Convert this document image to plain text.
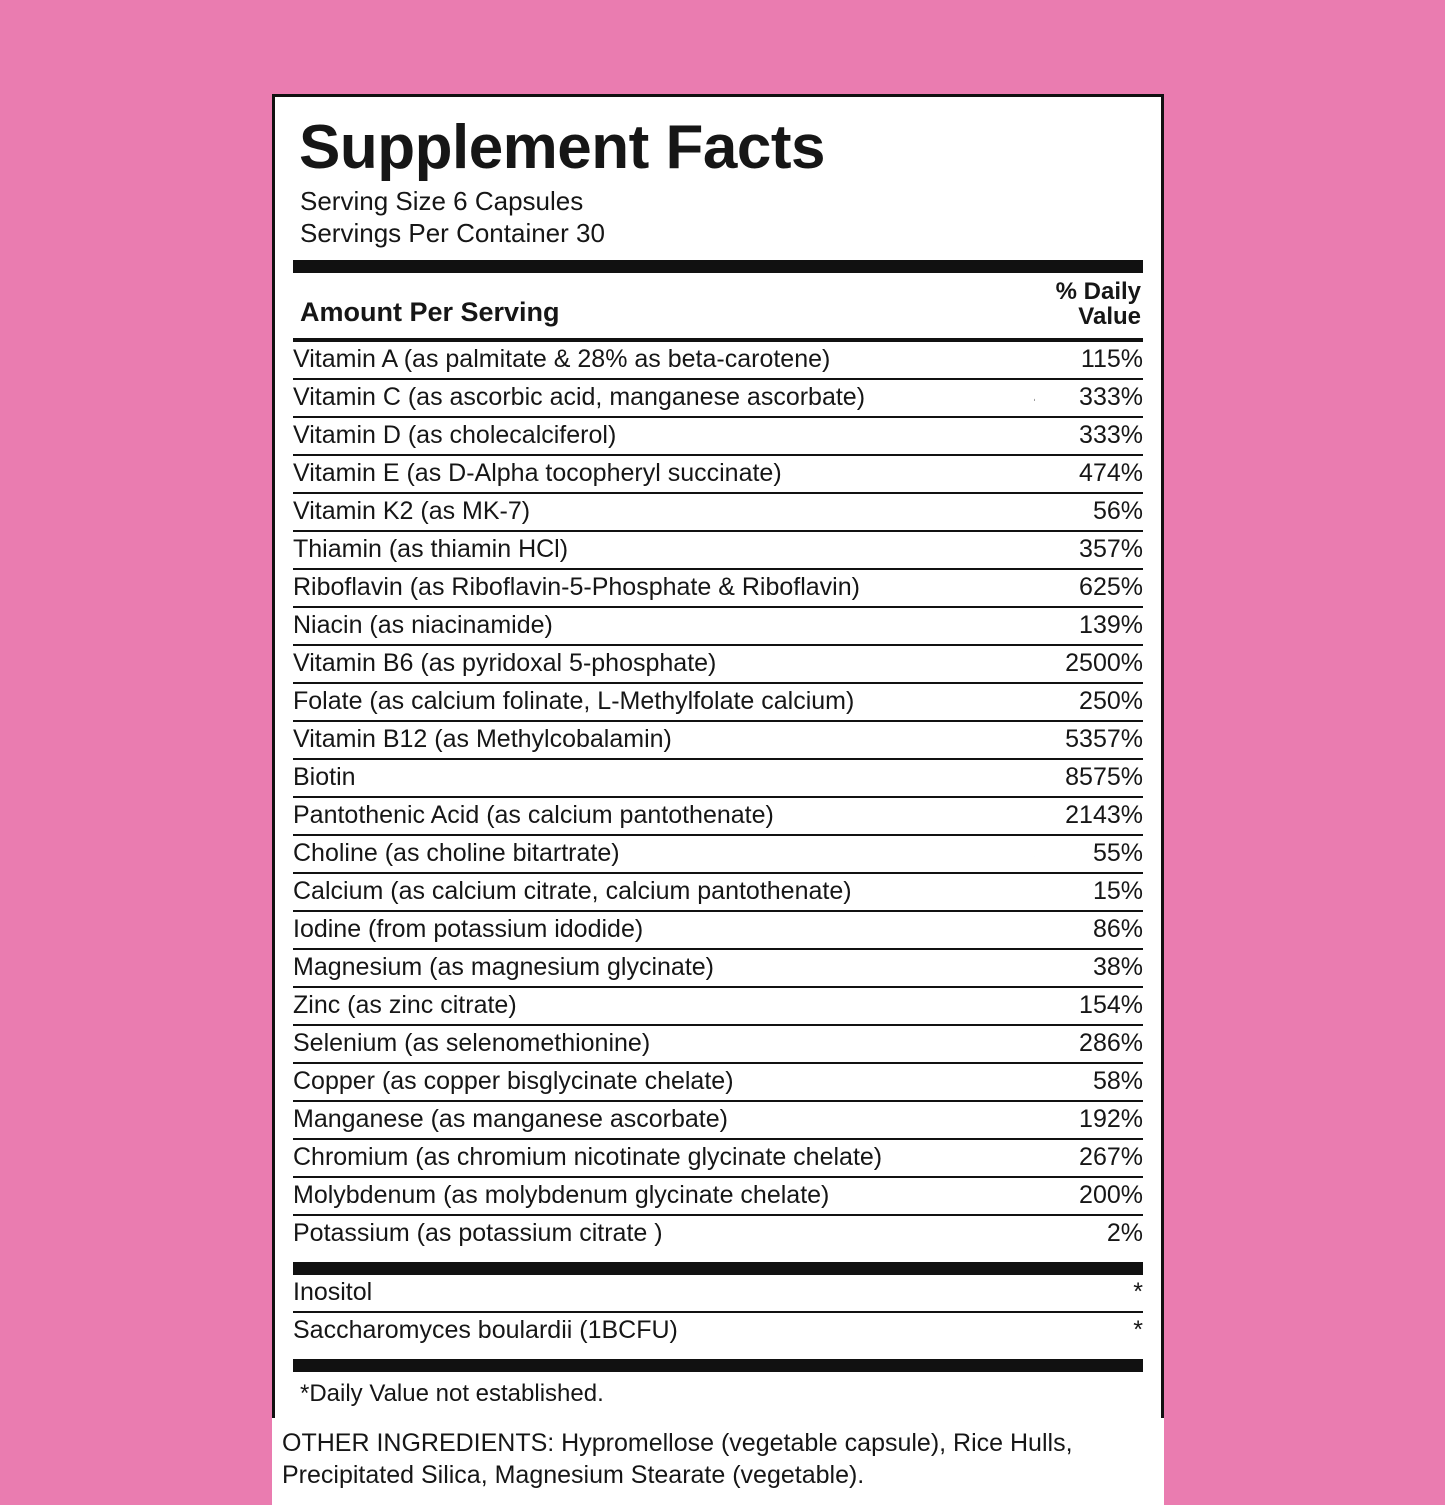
Supplement Facts
Serving Size 6 Capsules
Servings Per Container 30
Amount Per Serving
% Daily
Value
Vitamin A (as palmitate & 28% as beta-carotene)		115%
Vitamin C (as ascorbic acid, manganese ascorbate)		333%
Vitamin D (as cholecalciferol)		333%
Vitamin E (as D-Alpha tocopheryl succinate)		474%
Vitamin K2 (as MK-7)		56%
Thiamin (as thiamin HCl)		357%
Riboflavin (as Riboflavin-5-Phosphate & Riboflavin)		625%
Niacin (as niacinamide)		139%
Vitamin B6 (as pyridoxal 5-phosphate)		2500%
Folate (as calcium folinate, L-Methylfolate calcium)		250%
Vitamin B12 (as Methylcobalamin)		5357%
Biotin		8575%
Pantothenic Acid (as calcium pantothenate)		2143%
Choline (as choline bitartrate)		55%
Calcium (as calcium citrate, calcium pantothenate)		15%
Iodine (from potassium idodide)		86%
Magnesium (as magnesium glycinate)		38%
Zinc (as zinc citrate)		154%
Selenium (as selenomethionine)		286%
Copper (as copper bisglycinate chelate)		58%
Manganese (as manganese ascorbate)		192%
Chromium (as chromium nicotinate glycinate chelate)		267%
Molybdenum (as molybdenum glycinate chelate)		200%
Potassium (as potassium citrate )		2%
Inositol		*
Saccharomyces boulardii (1BCFU)		*
*Daily Value not established.
OTHER INGREDIENTS: Hypromellose (vegetable capsule), Rice Hulls, Precipitated Silica, Magnesium Stearate (vegetable).
